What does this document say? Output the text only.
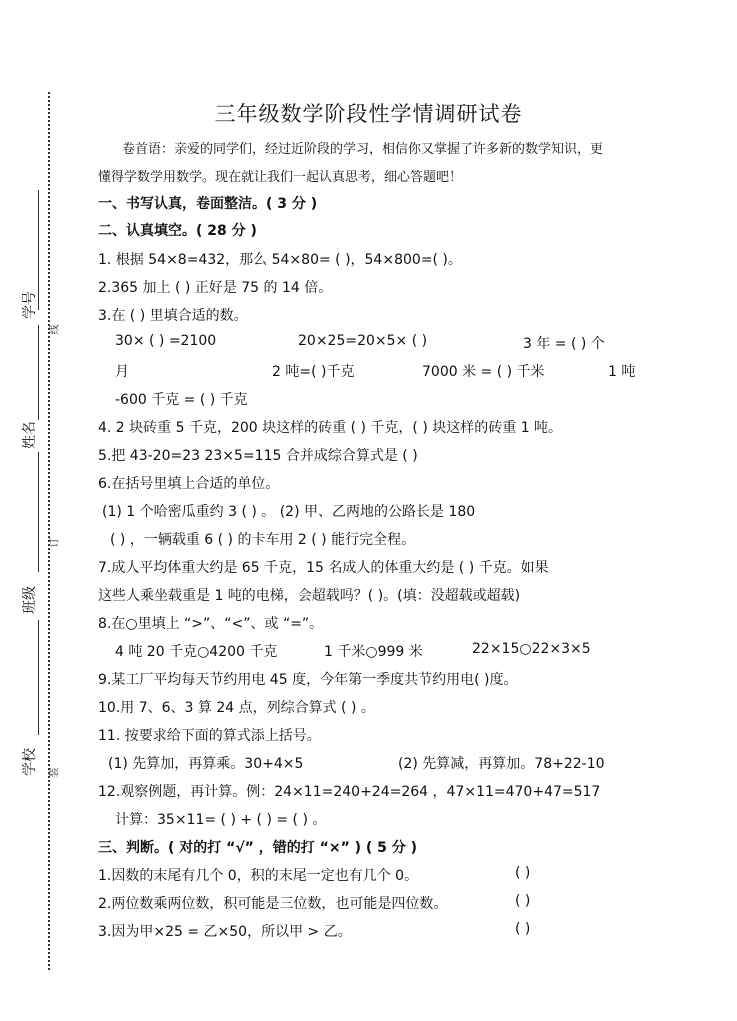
学号
线
姓名
订
班级
学校	装
三年级数学阶段性学情调研试卷
卷首语：亲爱的同学们，经过近阶段的学习，相信你又掌握了许多新的数学知识，更
懂得学数学用数学。现在就让我们一起认真思考，细心答题吧！
一、书写认真，卷面整洁。( 3 分 )
二、认真填空。( 28 分 )
1. 根据 54×8=432，那么 54×80= ( )，54×800=( )。
2.365 加上 ( ) 正好是 75 的 14 倍。
3.在 ( ) 里填合适的数。
30× ( ) =2100	20×25=20×5× ( )	3 年 = ( ) 个
月	2 吨=( )千克	7000 米 = ( ) 千米	1 吨
-600 千克 = ( ) 千克
4. 2 块砖重 5 千克，200 块这样的砖重 ( ) 千克，( ) 块这样的砖重 1 吨。
5.把 43-20=23 23×5=115 合并成综合算式是 ( )
6.在括号里填上合适的单位。
(1) 1 个哈密瓜重约 3 ( ) 。 (2) 甲、乙两地的公路长是 180
( ) ，一辆载重 6 ( ) 的卡车用 2 ( ) 能行完全程。
7.成人平均体重大约是 65 千克，15 名成人的体重大约是 ( ) 千克。如果
这些人乘坐载重是 1 吨的电梯，会超载吗？( )。(填：没超载或超载)
8.在○里填上 “>”、“<”、或 “=”。
4 吨 20 千克○4200 千克	1 千米○999 米	22×15○22×3×5
9.某工厂平均每天节约用电 45 度，今年第一季度共节约用电( )度。
10.用 7、6、3 算 24 点，列综合算式 ( ) 。
11. 按要求给下面的算式添上括号。
(1) 先算加，再算乘。30+4×5	(2) 先算减，再算加。78+22-10
12.观察例题，再计算。例：24×11=240+24=264 ，47×11=470+47=517
计算：35×11= ( ) + ( ) = ( ) 。
三、判断。( 对的打 “√” ，错的打 “×” ) ( 5 分 )
1.因数的末尾有几个 0，积的末尾一定也有几个 0。	( )
2.两位数乘两位数，积可能是三位数，也可能是四位数。	( )
3.因为甲×25 = 乙×50，所以甲 > 乙。	( )
